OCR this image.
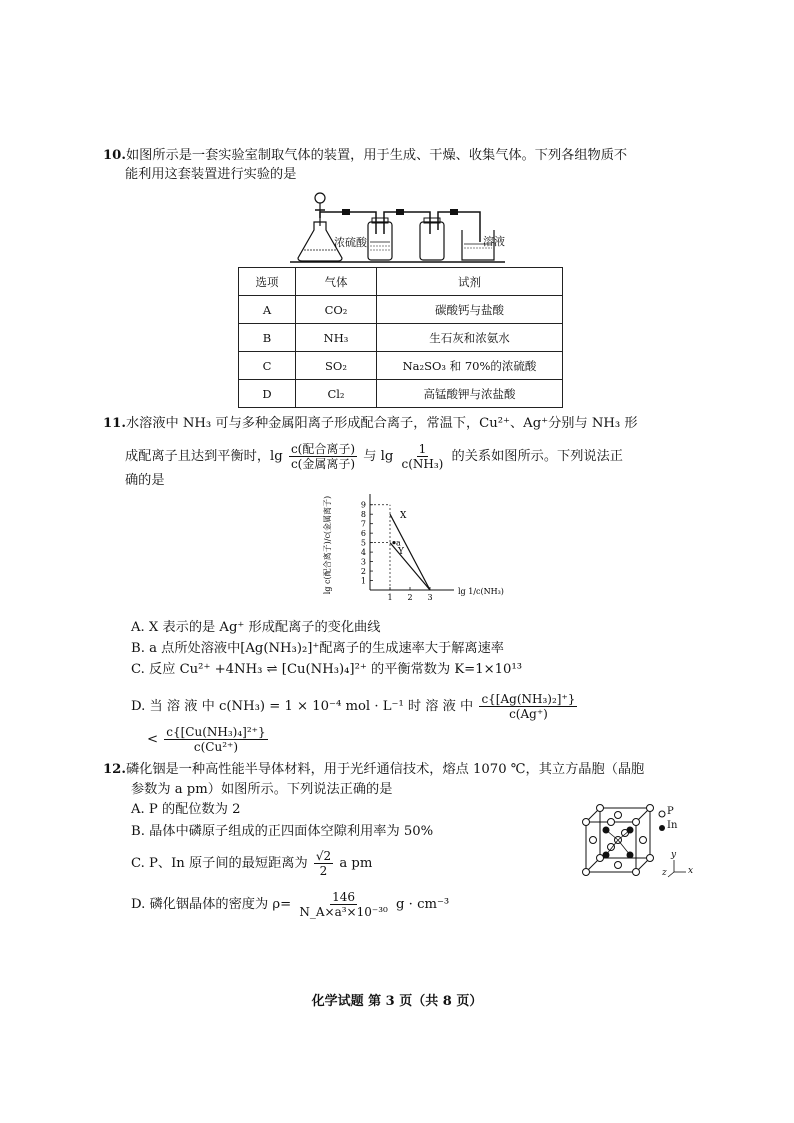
10.如图所示是一套实验室制取气体的装置，用于生成、干燥、收集气体。下列各组物质不
能利用这套装置进行实验的是
浓硫酸	溶液
选项	气体	试剂
A	CO₂	碳酸钙与盐酸
B	NH₃	生石灰和浓氨水
C	SO₂	Na₂SO₃ 和 70%的浓硫酸
D	Cl₂	高锰酸钾与浓盐酸
11.水溶液中 NH₃ 可与多种金属阳离子形成配合离子，常温下，Cu²⁺、Ag⁺分别与 NH₃ 形
成配离子且达到平衡时，$\lg \frac{\text{c(配合离子)}}{\text{c(金属离子)}}$ 与 $\lg \frac{1}{\text{c(NH₃)}}$ 的关系如图所示。下列说法正
确的是
1
2
3
4
5
6
7
8
9
1 2 3
X
Y
a
lg c(配合离子)/c(金属离子)	lg 1/c(NH₃)
A. X 表示的是 Ag⁺ 形成配离子的变化曲线
B. a 点所处溶液中[Ag(NH₃)₂]⁺配离子的生成速率大于解离速率
C. 反应 Cu²⁺ +4NH₃ ⇌ [Cu(NH₃)₄]²⁺ 的平衡常数为 K=1×10¹³
D. 当 溶 液 中 c(NH₃) = 1 × 10⁻⁴ mol · L⁻¹ 时 溶 液 中 $\frac{\text{c\{[Ag(NH₃)₂]⁺\}}}{c(Ag^+)}$
< $\frac{\text{c\{[Cu(NH₃)₄]²⁺\}}}{\text{c(Cu²⁺)}}$
12.磷化铟是一种高性能半导体材料，用于光纤通信技术，熔点 1070 ℃，其立方晶胞（晶胞
参数为 a pm）如图所示。下列说法正确的是
A. P 的配位数为 2
B. 晶体中磷原子组成的正四面体空隙利用率为 50%
C. P、In 原子间的最短距离为 $\frac{√2}{2}$ a pm
D. 磷化铟晶体的密度为 $\rho= \frac{146}{\text{N\_A×a³×10⁻³⁰}}$ g · cm⁻³
P
In
x
y
z
化学试题 第 3 页（共 8 页）
